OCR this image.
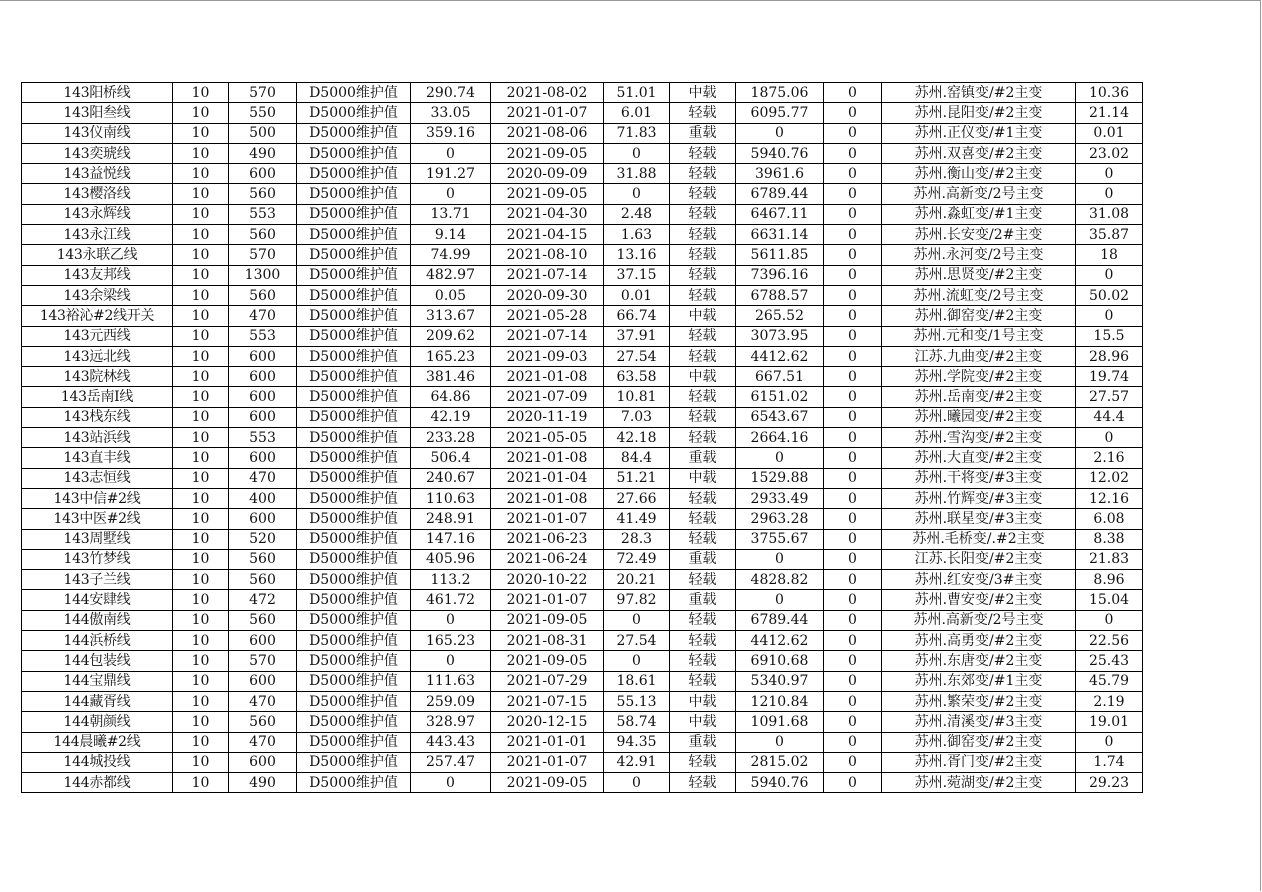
143阳桥线	10	570	D5000维护值	290.74	2021-08-02	51.01	中载	1875.06	0	苏州.窑镇变/#2主变	10.36
143阳叁线	10	550	D5000维护值	33.05	2021-01-07	6.01	轻载	6095.77	0	苏州.昆阳变/#2主变	21.14
143仪南线	10	500	D5000维护值	359.16	2021-08-06	71.83	重载	0	0	苏州.正仪变/#1主变	0.01
143奕琥线	10	490	D5000维护值	0	2021-09-05	0	轻载	5940.76	0	苏州.双喜变/#2主变	23.02
143益悦线	10	600	D5000维护值	191.27	2020-09-09	31.88	轻载	3961.6	0	苏州.衡山变/#2主变	0
143樱洛线	10	560	D5000维护值	0	2021-09-05	0	轻载	6789.44	0	苏州.高新变/2号主变	0
143永辉线	10	553	D5000维护值	13.71	2021-04-30	2.48	轻载	6467.11	0	苏州.淼虹变/#1主变	31.08
143永江线	10	560	D5000维护值	9.14	2021-04-15	1.63	轻载	6631.14	0	苏州.长安变/2#主变	35.87
143永联乙线	10	570	D5000维护值	74.99	2021-08-10	13.16	轻载	5611.85	0	苏州.永河变/2号主变	18
143友邦线	10	1300	D5000维护值	482.97	2021-07-14	37.15	轻载	7396.16	0	苏州.思贤变/#2主变	0
143余梁线	10	560	D5000维护值	0.05	2020-09-30	0.01	轻载	6788.57	0	苏州.流虹变/2号主变	50.02
143裕沁#2线开关	10	470	D5000维护值	313.67	2021-05-28	66.74	中载	265.52	0	苏州.御窑变/#2主变	0
143元西线	10	553	D5000维护值	209.62	2021-07-14	37.91	轻载	3073.95	0	苏州.元和变/1号主变	15.5
143远北线	10	600	D5000维护值	165.23	2021-09-03	27.54	轻载	4412.62	0	江苏.九曲变/#2主变	28.96
143院林线	10	600	D5000维护值	381.46	2021-01-08	63.58	中载	667.51	0	苏州.学院变/#2主变	19.74
143岳南I线	10	600	D5000维护值	64.86	2021-07-09	10.81	轻载	6151.02	0	苏州.岳南变/#2主变	27.57
143栈东线	10	600	D5000维护值	42.19	2020-11-19	7.03	轻载	6543.67	0	苏州.曦园变/#2主变	44.4
143站浜线	10	553	D5000维护值	233.28	2021-05-05	42.18	轻载	2664.16	0	苏州.雪沟变/#2主变	0
143直丰线	10	600	D5000维护值	506.4	2021-01-08	84.4	重载	0	0	苏州.大直变/#2主变	2.16
143志恒线	10	470	D5000维护值	240.67	2021-01-04	51.21	中载	1529.88	0	苏州.干将变/#3主变	12.02
143中信#2线	10	400	D5000维护值	110.63	2021-01-08	27.66	轻载	2933.49	0	苏州.竹辉变/#3主变	12.16
143中医#2线	10	600	D5000维护值	248.91	2021-01-07	41.49	轻载	2963.28	0	苏州.联星变/#3主变	6.08
143周墅线	10	520	D5000维护值	147.16	2021-06-23	28.3	轻载	3755.67	0	苏州.毛桥变/.#2主变	8.38
143竹梦线	10	560	D5000维护值	405.96	2021-06-24	72.49	重载	0	0	江苏.长阳变/#2主变	21.83
143子兰线	10	560	D5000维护值	113.2	2020-10-22	20.21	轻载	4828.82	0	苏州.红安变/3#主变	8.96
144安肆线	10	472	D5000维护值	461.72	2021-01-07	97.82	重载	0	0	苏州.曹安变/#2主变	15.04
144傲南线	10	560	D5000维护值	0	2021-09-05	0	轻载	6789.44	0	苏州.高新变/2号主变	0
144浜桥线	10	600	D5000维护值	165.23	2021-08-31	27.54	轻载	4412.62	0	苏州.高勇变/#2主变	22.56
144包装线	10	570	D5000维护值	0	2021-09-05	0	轻载	6910.68	0	苏州.东唐变/#2主变	25.43
144宝鼎线	10	600	D5000维护值	111.63	2021-07-29	18.61	轻载	5340.97	0	苏州.东郊变/#1主变	45.79
144藏胥线	10	470	D5000维护值	259.09	2021-07-15	55.13	中载	1210.84	0	苏州.繁荣变/#2主变	2.19
144朝颜线	10	560	D5000维护值	328.97	2020-12-15	58.74	中载	1091.68	0	苏州.清溪变/#3主变	19.01
144晨曦#2线	10	470	D5000维护值	443.43	2021-01-01	94.35	重载	0	0	苏州.御窑变/#2主变	0
144城投线	10	600	D5000维护值	257.47	2021-01-07	42.91	轻载	2815.02	0	苏州.胥门变/#2主变	1.74
144赤都线	10	490	D5000维护值	0	2021-09-05	0	轻载	5940.76	0	苏州.菀湖变/#2主变	29.23
